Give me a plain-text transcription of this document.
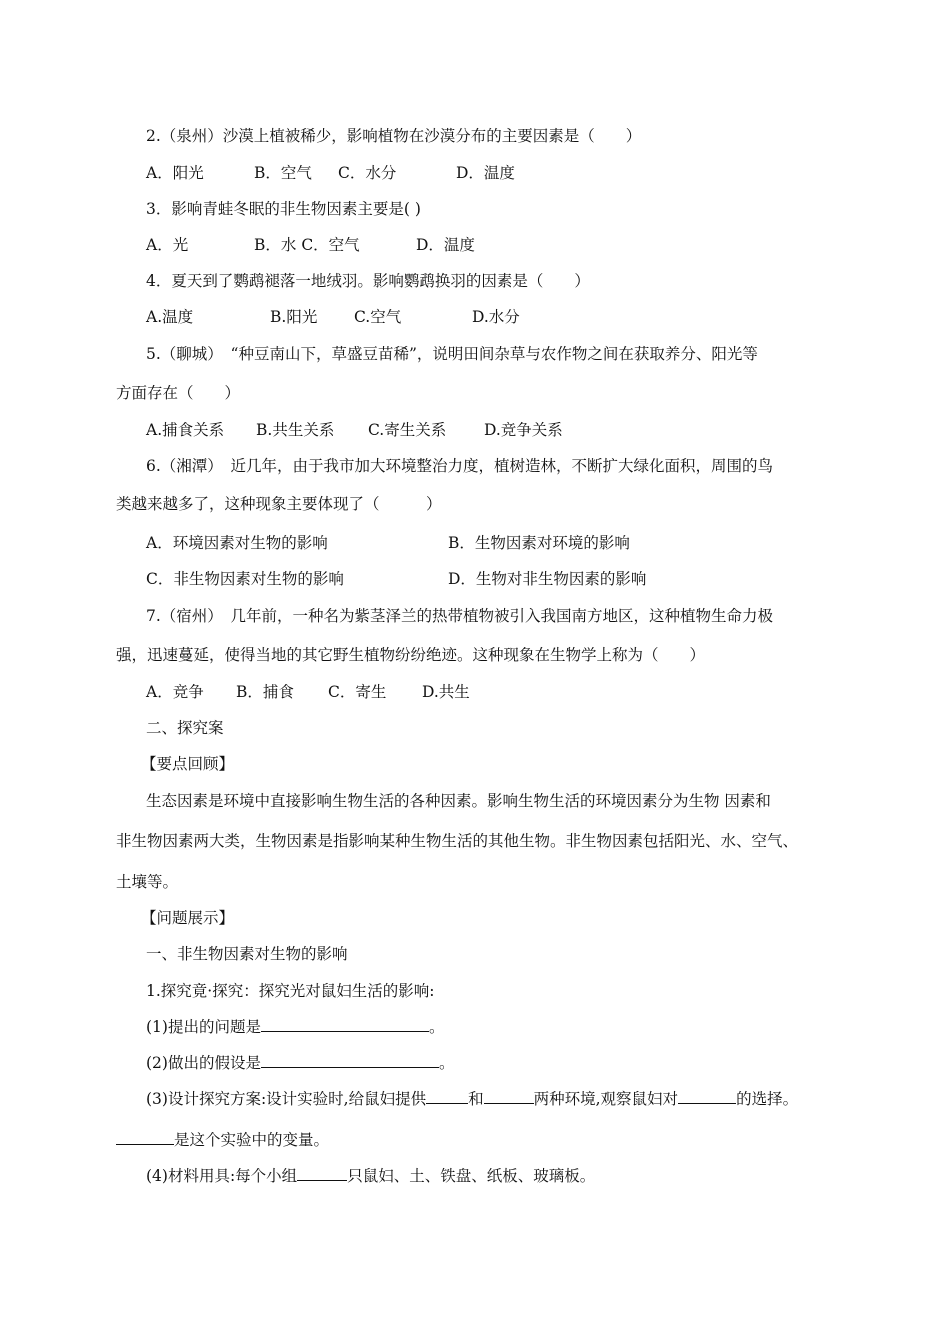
2.（泉州）沙漠上植被稀少，影响植物在沙漠分布的主要因素是（　　）
A．阳光	B．空气 C．水分	D．温度
3．影响青蛙冬眠的非生物因素主要是( )
A．光	B．水 C．空气	D．温度
4．夏天到了鹦鹉褪落一地绒羽。影响鹦鹉换羽的因素是（　　）
A.温度	B.阳光 C.空气	D.水分
5.（聊城）　“种豆南山下，草盛豆苗稀”，说明田间杂草与农作物之间在获取养分、阳光等
方面存在（　　）
A.捕食关系 B.共生关系 C.寄生关系 D.竞争关系
6.（湘潭）　近几年，由于我市加大环境整治力度，植树造林，不断扩大绿化面积，周围的鸟
类越来越多了，这种现象主要体现了（　　　）
A．环境因素对生物的影响	B．生物因素对环境的影响
C．非生物因素对生物的影响	D．生物对非生物因素的影响
7.（宿州）　几年前，一种名为紫茎泽兰的热带植物被引入我国南方地区，这种植物生命力极
强，迅速蔓延，使得当地的其它野生植物纷纷绝迹。这种现象在生物学上称为（　　）
A．竞争 B．捕食 C．寄生 D.共生
二、探究案
【要点回顾】
生态因素是环境中直接影响生物生活的各种因素。影响生物生活的环境因素分为生物 因素和
非生物因素两大类，生物因素是指影响某种生物生活的其他生物。非生物因素包括阳光、水、空气、
土壤等。
【问题展示】
一、非生物因素对生物的影响
1.探究竟·探究：探究光对鼠妇生活的影响:
(1)提出的问题是	。
(2)做出的假设是	。
(3)设计探究方案:设计实验时,给鼠妇提供	和	两种环境,观察鼠妇对	的选择。
是这个实验中的变量。
(4)材料用具:每个小组	只鼠妇、土、铁盘、纸板、玻璃板。
